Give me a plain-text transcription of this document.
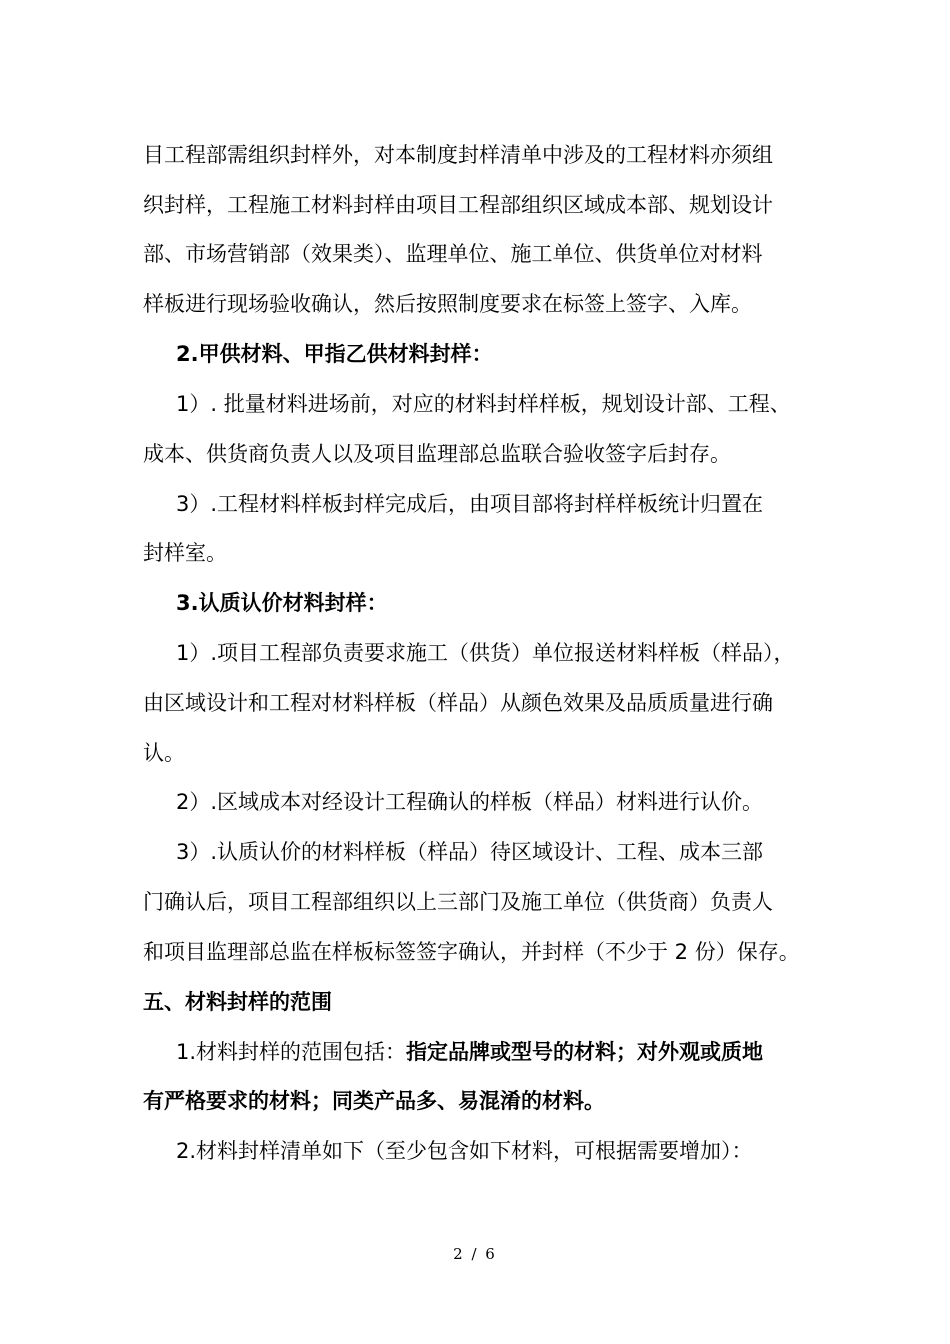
目工程部需组织封样外，对本制度封样清单中涉及的工程材料亦须组
织封样，工程施工材料封样由项目工程部组织区域成本部、规划设计
部、市场营销部（效果类）、监理单位、施工单位、供货单位对材料
样板进行现场验收确认，然后按照制度要求在标签上签字、入库。
2.甲供材料、甲指乙供材料封样：
1）. 批量材料进场前，对应的材料封样样板，规划设计部、工程、
成本、供货商负责人以及项目监理部总监联合验收签字后封存。
3）.工程材料样板封样完成后，由项目部将封样样板统计归置在
封样室。
3.认质认价材料封样：
1）.项目工程部负责要求施工（供货）单位报送材料样板（样品），
由区域设计和工程对材料样板（样品）从颜色效果及品质质量进行确
认。
2）.区域成本对经设计工程确认的样板（样品）材料进行认价。
3）.认质认价的材料样板（样品）待区域设计、工程、成本三部
门确认后，项目工程部组织以上三部门及施工单位（供货商）负责人
和项目监理部总监在样板标签签字确认，并封样（不少于 2 份）保存。
五、材料封样的范围
1.材料封样的范围包括：指定品牌或型号的材料；对外观或质地
有严格要求的材料；同类产品多、易混淆的材料。
2.材料封样清单如下（至少包含如下材料，可根据需要增加）：
2 / 6
